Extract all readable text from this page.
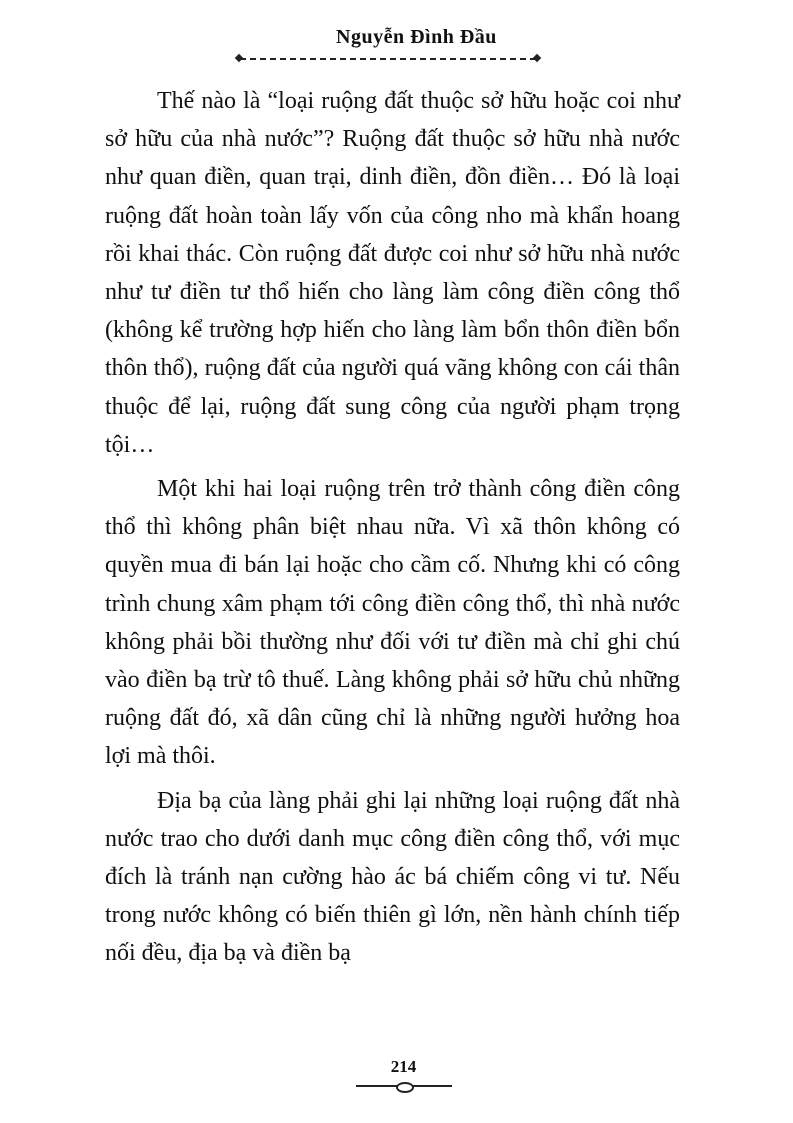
Nguyễn Đình Đầu

Thế nào là “loại ruộng đất thuộc sở hữu hoặc coi như sở hữu của nhà nước”? Ruộng đất thuộc sở hữu nhà nước như quan điền, quan trại, dinh điền, đồn điền… Đó là loại ruộng đất hoàn toàn lấy vốn của công nho mà khẩn hoang rồi khai thác. Còn ruộng đất được coi như sở hữu nhà nước như tư điền tư thổ hiến cho làng làm công điền công thổ (không kể trường hợp hiến cho làng làm bổn thôn điền bổn thôn thổ), ruộng đất của người quá vãng không con cái thân thuộc để lại, ruộng đất sung công của người phạm trọng tội…

Một khi hai loại ruộng trên trở thành công điền công thổ thì không phân biệt nhau nữa. Vì xã thôn không có quyền mua đi bán lại hoặc cho cầm cố. Nhưng khi có công trình chung xâm phạm tới công điền công thổ, thì nhà nước không phải bồi thường như đối với tư điền mà chỉ ghi chú vào điền bạ trừ tô thuế. Làng không phải sở hữu chủ những ruộng đất đó, xã dân cũng chỉ là những người hưởng hoa lợi mà thôi.

Địa bạ của làng phải ghi lại những loại ruộng đất nhà nước trao cho dưới danh mục công điền công thổ, với mục đích là tránh nạn cường hào ác bá chiếm công vi tư. Nếu trong nước không có biến thiên gì lớn, nền hành chính tiếp nối đều, địa bạ và điền bạ

214
